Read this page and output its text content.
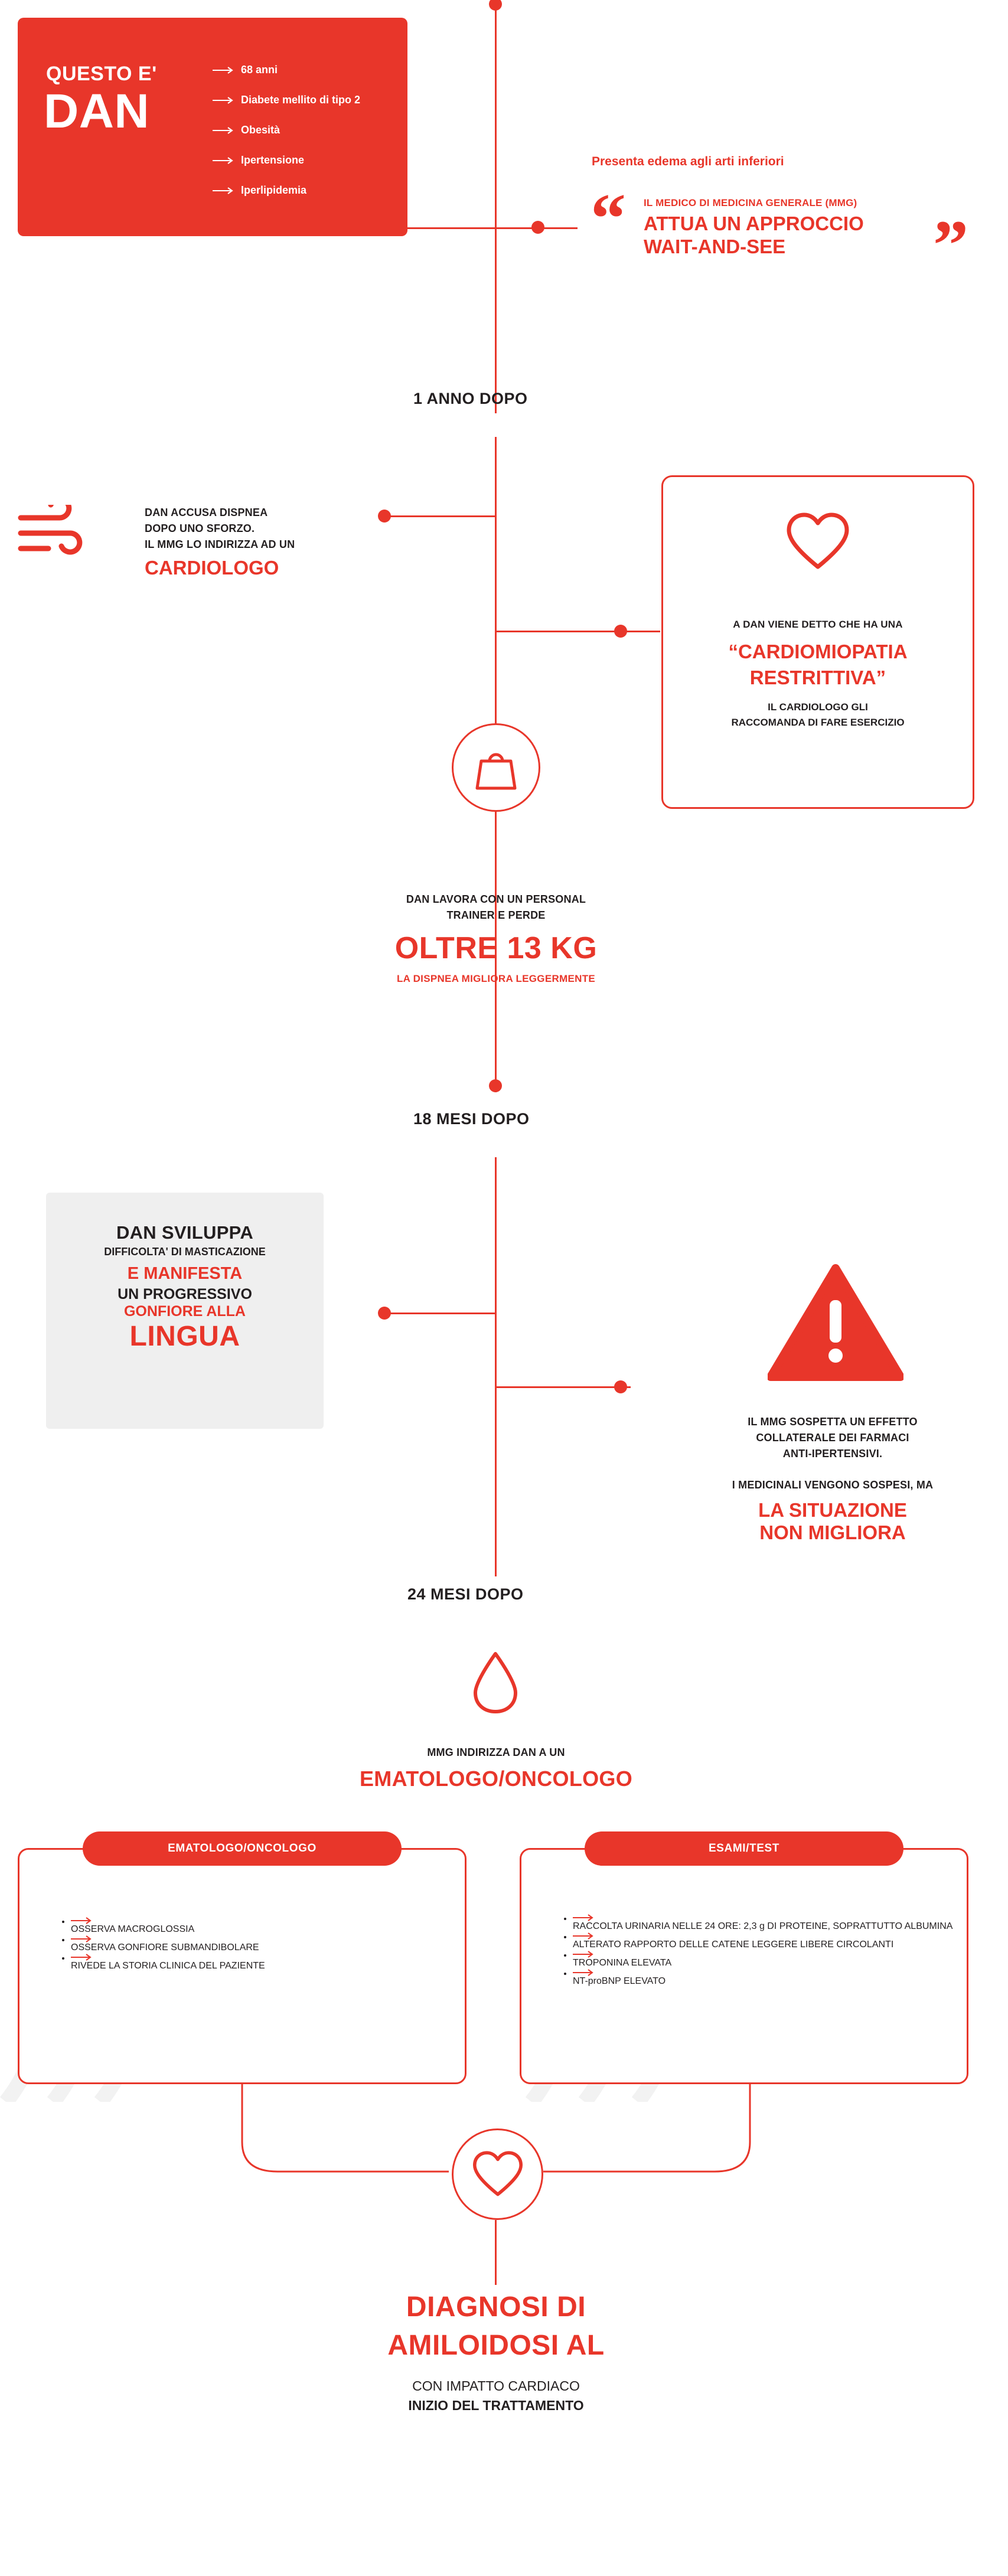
QUESTO E'
DAN
68 anni
Diabete mellito di tipo 2
Obesità
Ipertensione
Iperlipidemia
Presenta edema agli arti inferiori
“	”
IL MEDICO DI MEDICINA GENERALE (MMG)
ATTUA UN APPROCCIO
WAIT-AND-SEE
1 ANNO DOPO
DAN ACCUSA DISPNEA
DOPO UNO SFORZO.
IL MMG LO INDIRIZZA AD UN
CARDIOLOGO
A DAN VIENE DETTO CHE HA UNA
“CARDIOMIOPATIA
RESTRITTIVA”
IL CARDIOLOGO GLI
RACCOMANDA DI FARE ESERCIZIO
DAN LAVORA CON UN PERSONAL
TRAINER E PERDE
OLTRE 13 KG
LA DISPNEA MIGLIORA LEGGERMENTE
18 MESI DOPO
DAN SVILUPPA
DIFFICOLTA' DI MASTICAZIONE
E MANIFESTA
UN PROGRESSIVO
GONFIORE ALLA
LINGUA
IL MMG SOSPETTA UN EFFETTO
COLLATERALE DEI FARMACI
ANTI-IPERTENSIVI.
I MEDICINALI VENGONO SOSPESI, MA
LA SITUAZIONE
NON MIGLIORA
24 MESI DOPO
MMG INDIRIZZA DAN A UN
EMATOLOGO/ONCOLOGO
EMATOLOGO/ONCOLOGO
• OSSERVA MACROGLOSSIA
• OSSERVA GONFIORE SUBMANDIBOLARE
• RIVEDE LA STORIA CLINICA DEL PAZIENTE
ESAMI/TEST
• RACCOLTA URINARIA NELLE 24 ORE: 2,3 g DI PROTEINE, SOPRATTUTTO ALBUMINA
• ALTERATO RAPPORTO DELLE CATENE LEGGERE LIBERE CIRCOLANTI
• TROPONINA ELEVATA
• NT-proBNP ELEVATO
DIAGNOSI DI
AMILOIDOSI AL
CON IMPATTO CARDIACO
INIZIO DEL TRATTAMENTO
